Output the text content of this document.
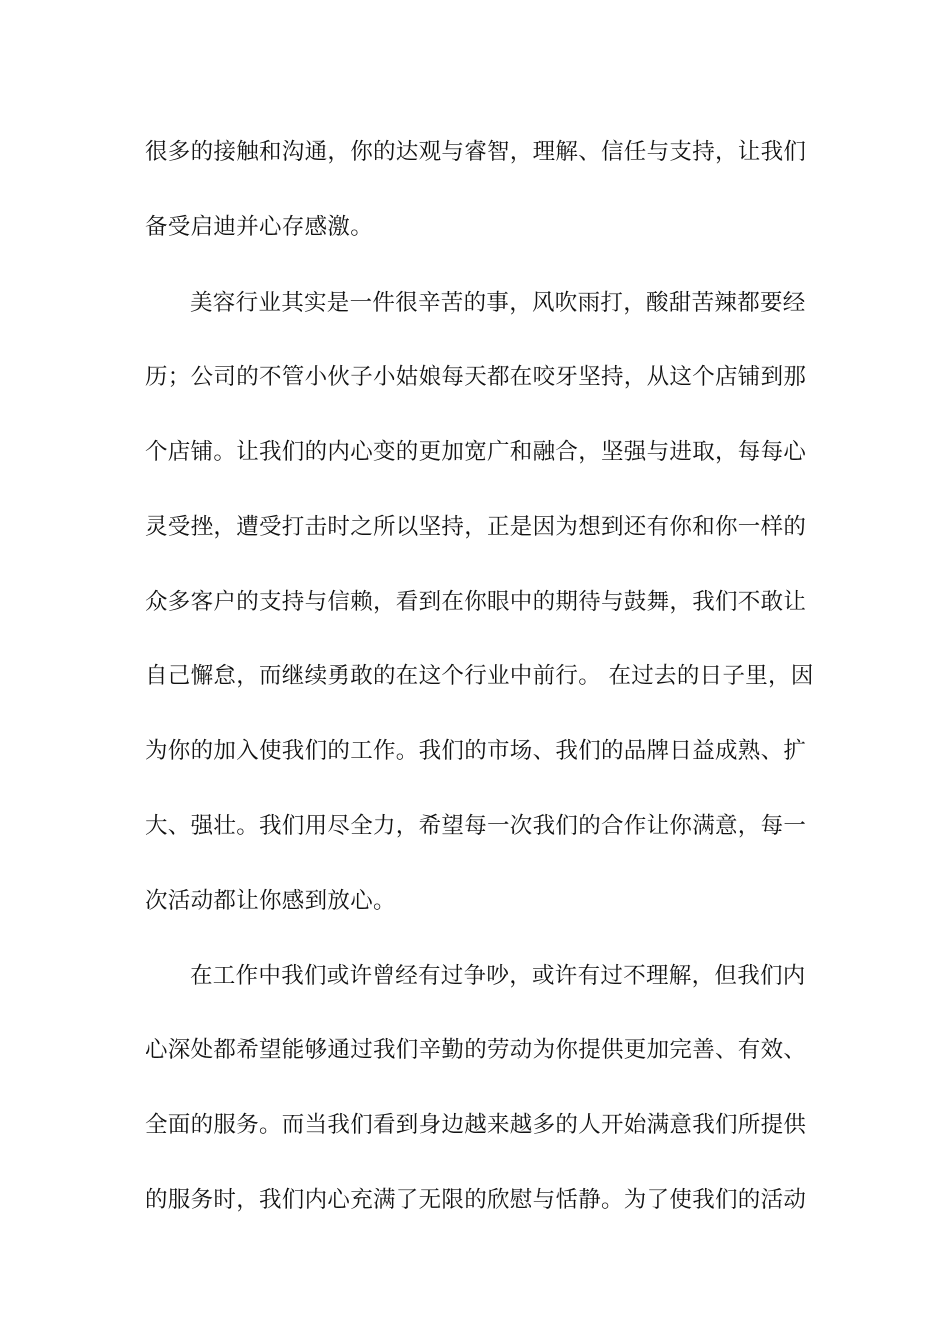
很多的接触和沟通，你的达观与睿智，理解、信任与支持，让我们
备受启迪并心存感激。
美容行业其实是一件很辛苦的事，风吹雨打，酸甜苦辣都要经
历；公司的不管小伙子小姑娘每天都在咬牙坚持，从这个店铺到那
个店铺。让我们的内心变的更加宽广和融合，坚强与进取，每每心
灵受挫，遭受打击时之所以坚持，正是因为想到还有你和你一样的
众多客户的支持与信赖，看到在你眼中的期待与鼓舞，我们不敢让
自己懈怠，而继续勇敢的在这个行业中前行。 在过去的日子里，因
为你的加入使我们的工作。我们的市场、我们的品牌日益成熟、扩
大、强壮。我们用尽全力，希望每一次我们的合作让你满意，每一
次活动都让你感到放心。
在工作中我们或许曾经有过争吵，或许有过不理解，但我们内
心深处都希望能够通过我们辛勤的劳动为你提供更加完善、有效、
全面的服务。而当我们看到身边越来越多的人开始满意我们所提供
的服务时，我们内心充满了无限的欣慰与恬静。为了使我们的活动
